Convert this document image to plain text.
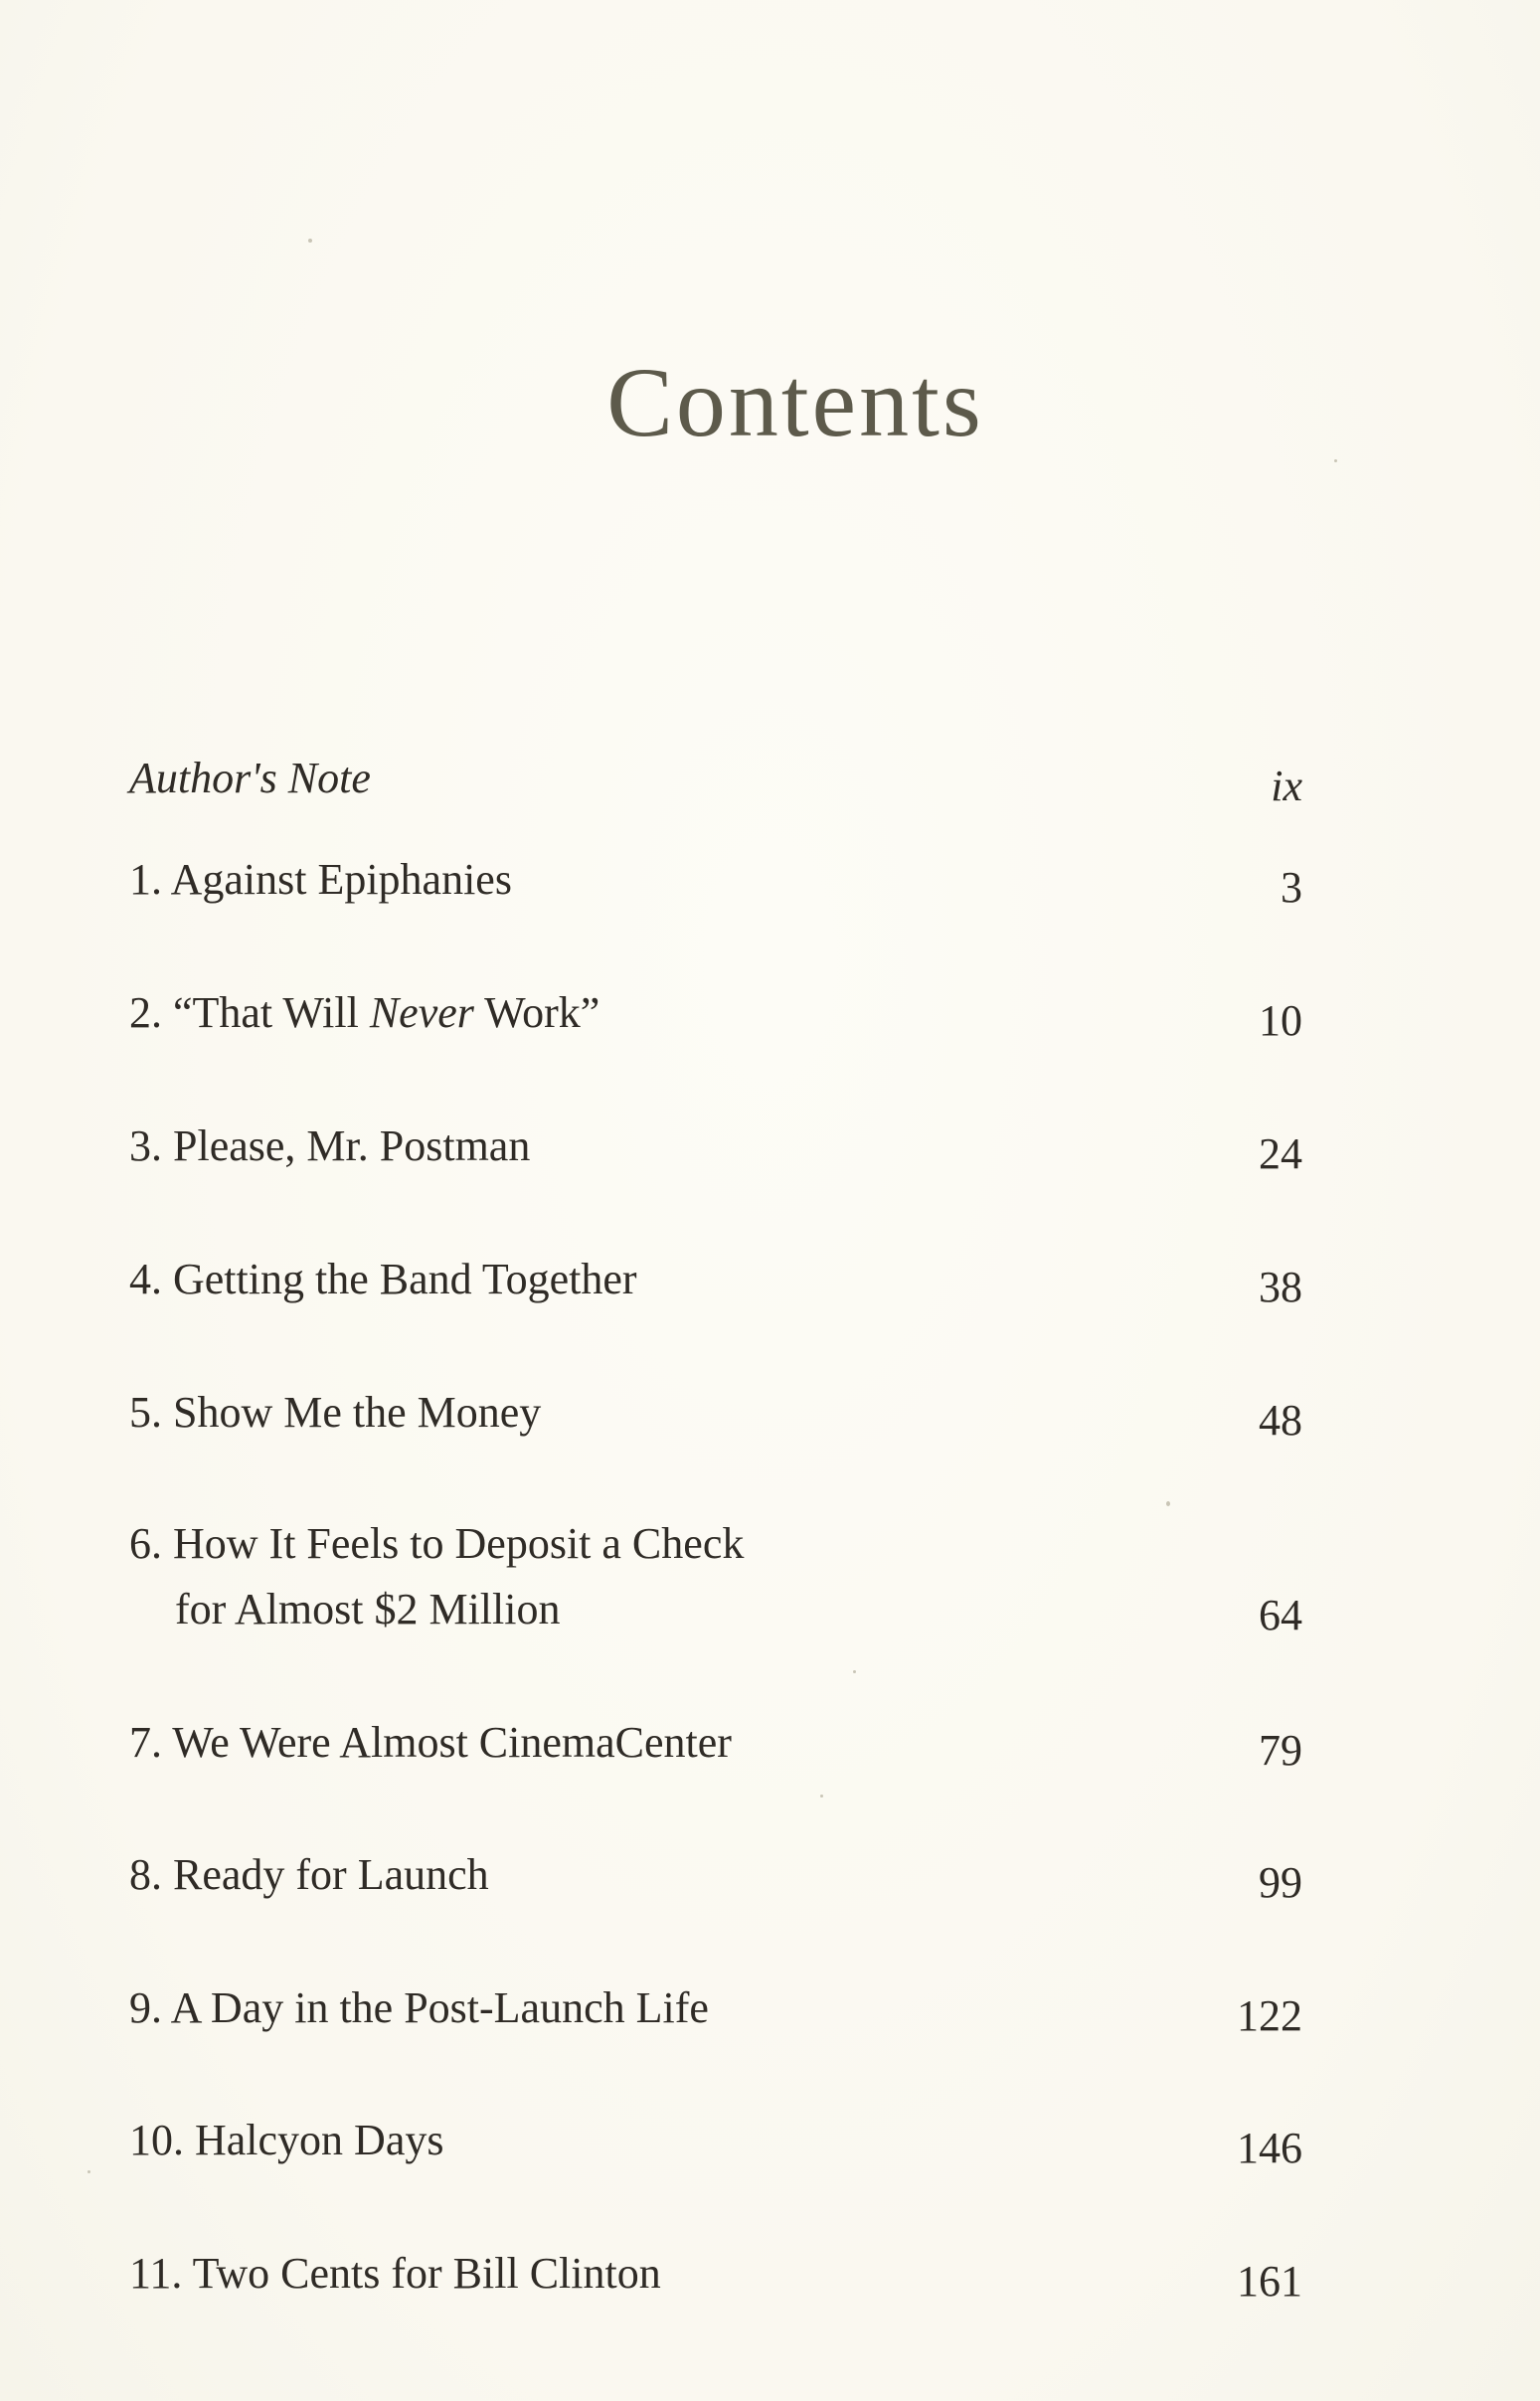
Contents
Author's Note	ix
1. Against Epiphanies	3
2. “That Will Never Work”	10
3. Please, Mr. Postman	24
4. Getting the Band Together	38
5. Show Me the Money	48
6. How It Feels to Deposit a Check
for Almost $2 Million	64
7. We Were Almost CinemaCenter	79
8. Ready for Launch	99
9. A Day in the Post-Launch Life	122
10. Halcyon Days	146
11. Two Cents for Bill Clinton	161
